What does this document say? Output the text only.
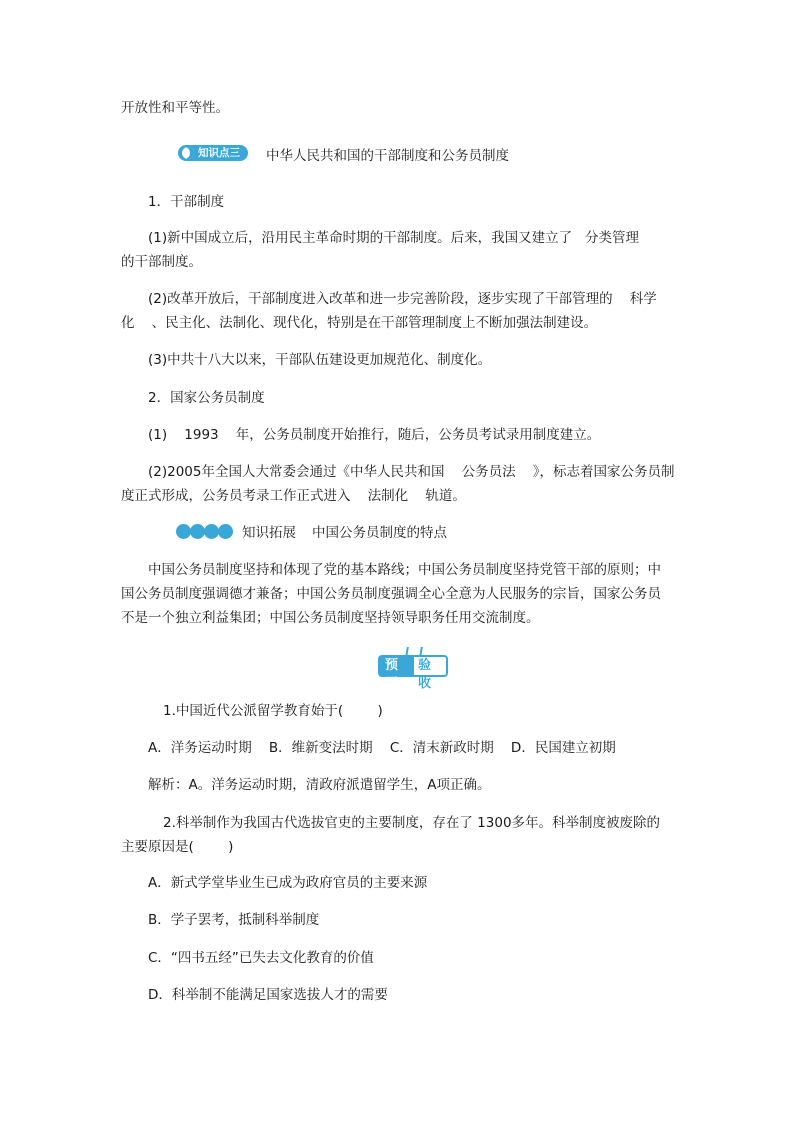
开放性和平等性。
知识点三	中华人民共和国的干部制度和公务员制度
1．干部制度
(1)新中国成立后，沿用民主革命时期的干部制度。后来，我国又建立了   分类管理
的干部制度。
(2)改革开放后，干部制度进入改革和进一步完善阶段，逐步实现了干部管理的    科学
化    、民主化、法制化、现代化，特别是在干部管理制度上不断加强法制建设。
(3)中共十八大以来，干部队伍建设更加规范化、制度化。
2．国家公务员制度
(1)    1993    年，公务员制度开始推行，随后，公务员考试录用制度建立。
(2)2005年全国人大常委会通过《中华人民共和国    公务员法    》，标志着国家公务员制
度正式形成，公务员考录工作正式进入    法制化    轨道。
知识拓展 中国公务员制度的特点
中国公务员制度坚持和体现了党的基本路线；中国公务员制度坚持党管干部的原则；中
国公务员制度强调德才兼备；中国公务员制度强调全心全意为人民服务的宗旨，国家公务员
不是一个独立利益集团；中国公务员制度坚持领导职务任用交流制度。
预习
验收
1.中国近代公派留学教育始于(        )
A．洋务运动时期    B．维新变法时期    C．清末新政时期    D．民国建立初期
解析：A。洋务运动时期，清政府派遣留学生，A项正确。
2.科举制作为我国古代选拔官吏的主要制度，存在了 1300多年。科举制度被废除的
主要原因是(        )
A．新式学堂毕业生已成为政府官员的主要来源
B．学子罢考，抵制科举制度
C．“四书五经”已失去文化教育的价值
D．科举制不能满足国家选拔人才的需要
